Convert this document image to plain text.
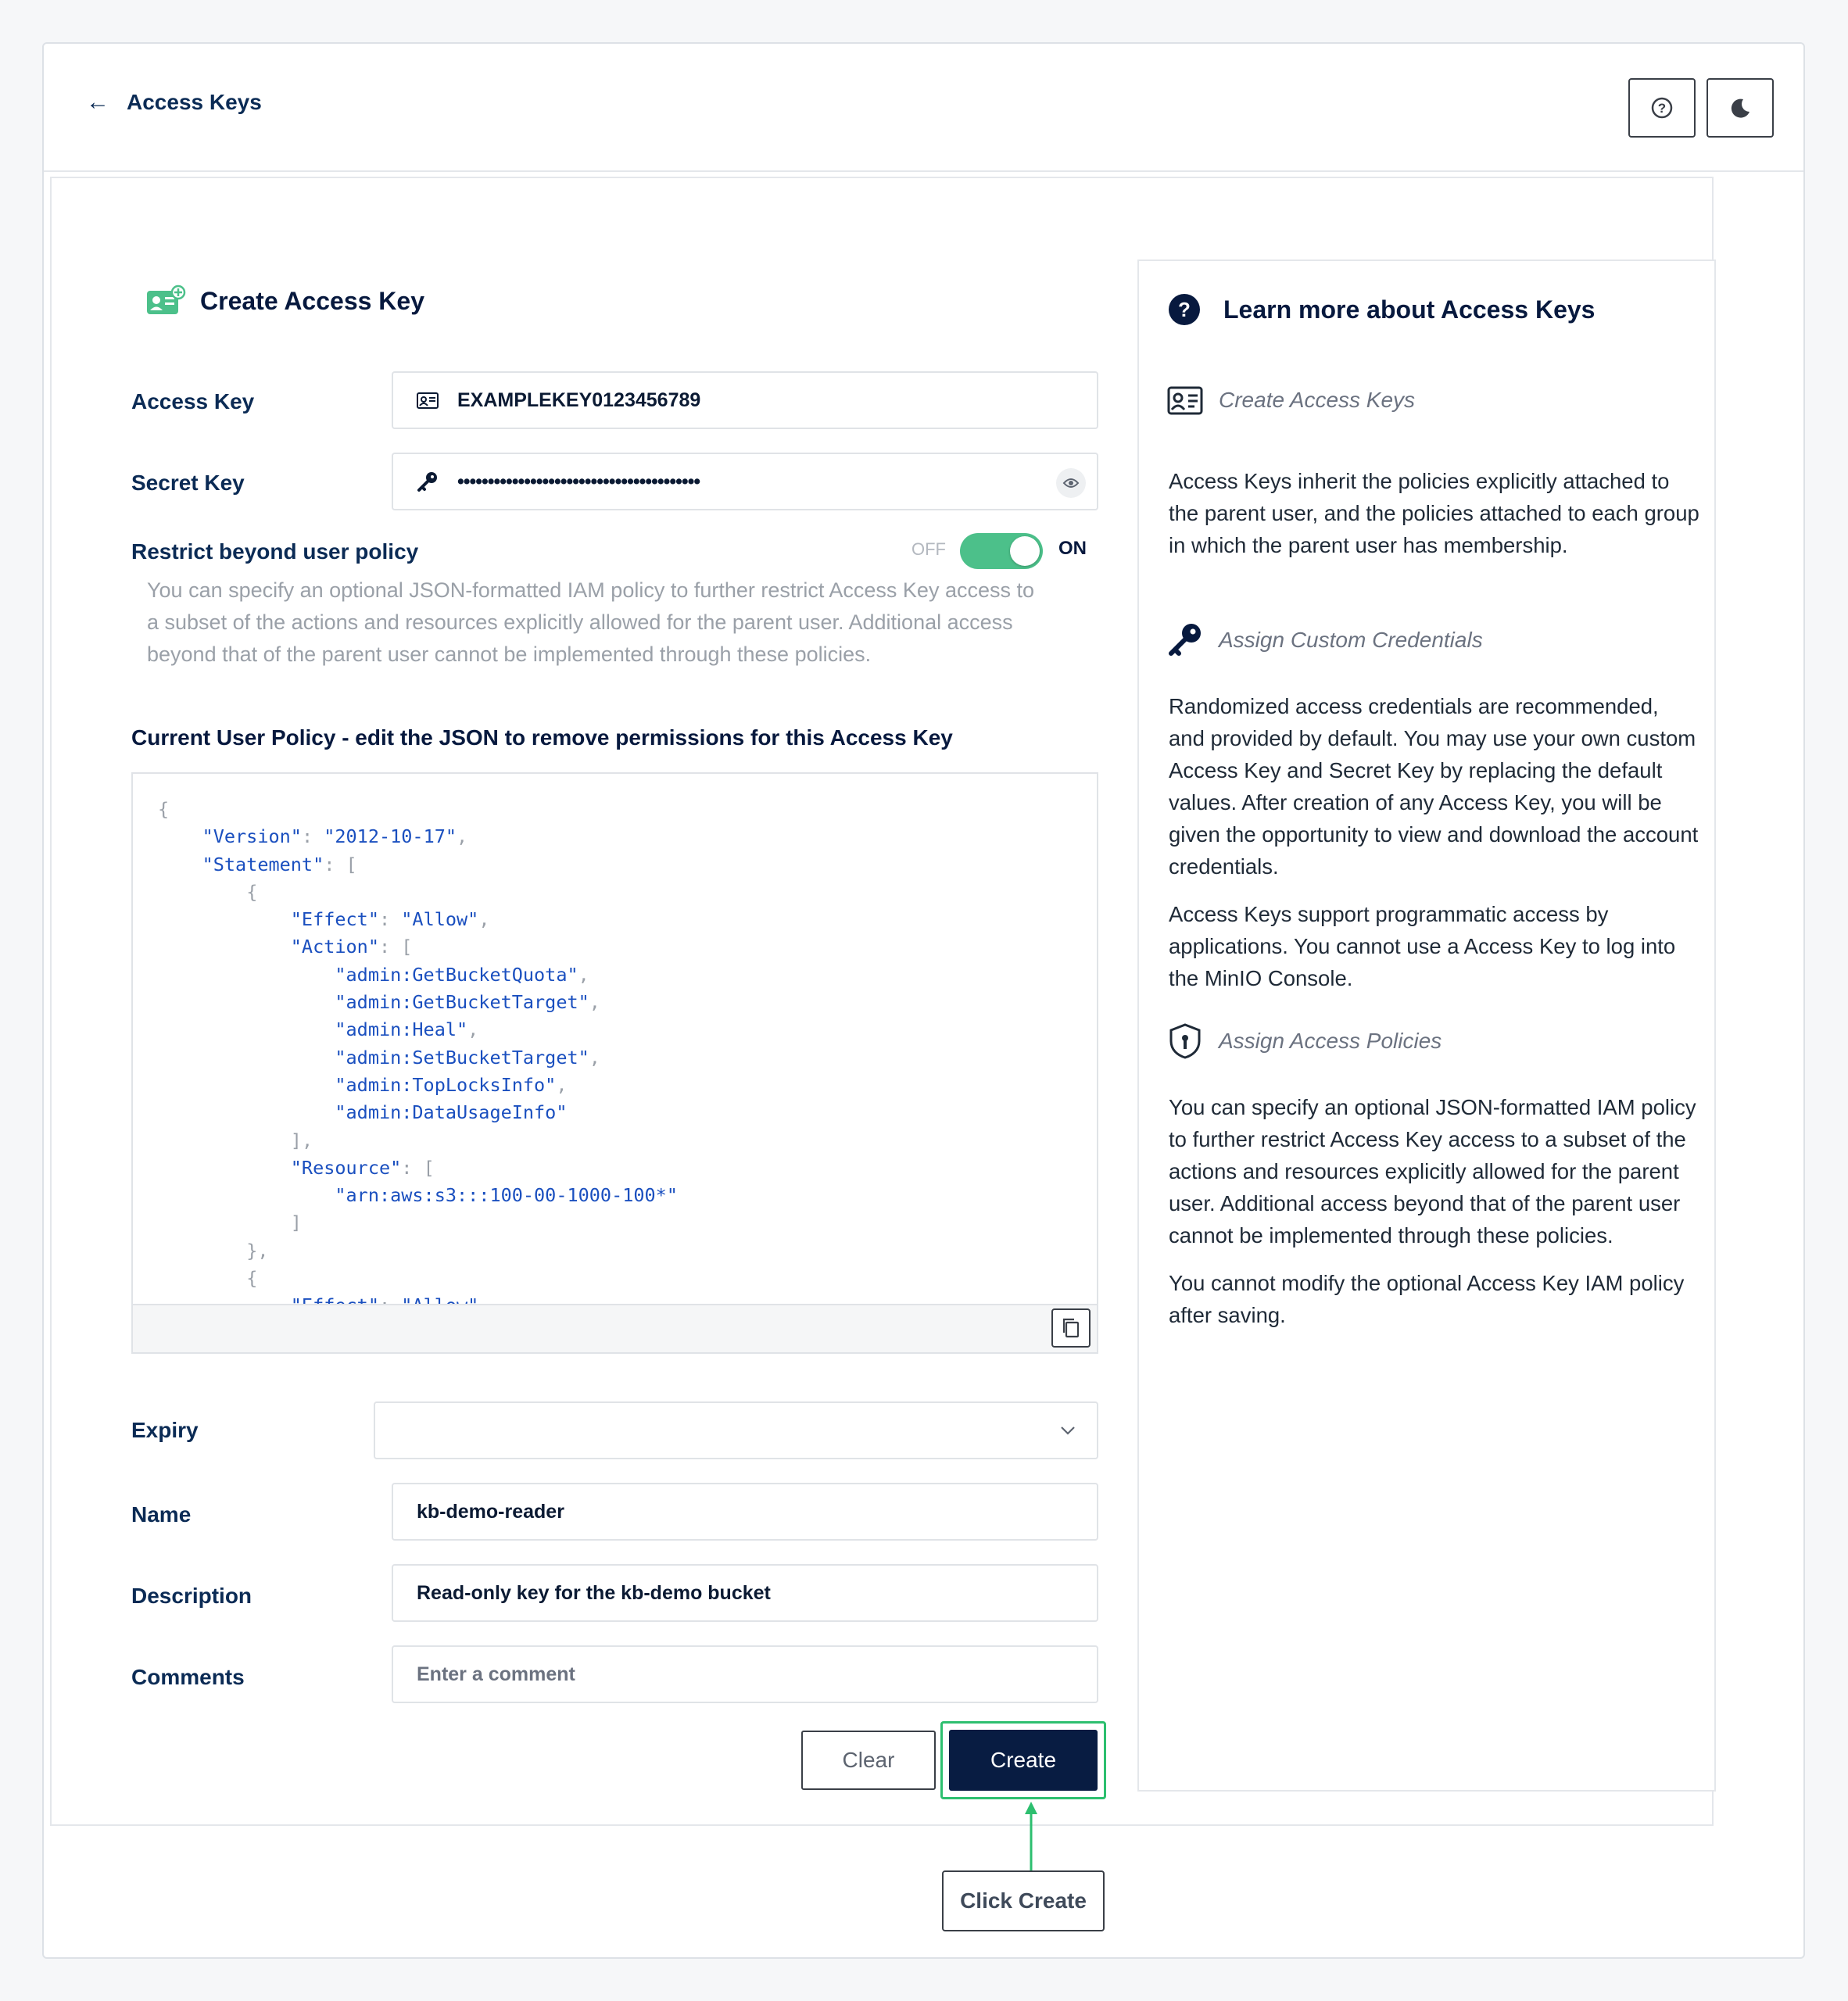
← Access Keys	?
Create Access Key
Access Key	EXAMPLEKEY0123456789
Secret Key	••••••••••••••••••••••••••••••••••••••••
Restrict beyond user policy	OFF	ON
You can specify an optional JSON-formatted IAM policy to further restrict Access Key access to a subset of the actions and resources explicitly allowed for the parent user. Additional access beyond that of the parent user cannot be implemented through these policies.
Current User Policy - edit the JSON to remove permissions for this Access Key
{
"Version": "2012-10-17",
"Statement": [
{
"Effect": "Allow",
"Action": [
"admin:GetBucketQuota",
"admin:GetBucketTarget",
"admin:Heal",
"admin:SetBucketTarget",
"admin:TopLocksInfo",
"admin:DataUsageInfo"
],
"Resource": [
"arn:aws:s3:::100-00-1000-100*"
]
},
{
Expiry
Name	kb-demo-reader
Description	Read-only key for the kb-demo bucket
Comments	Enter a comment
Clear	Create
Click Create
? Learn more about Access Keys
Create Access Keys

Access Keys inherit the policies explicitly attached to the parent user, and the policies attached to each group in which the parent user has membership.

Assign Custom Credentials

Randomized access credentials are recommended, and provided by default. You may use your own custom Access Key and Secret Key by replacing the default values. After creation of any Access Key, you will be given the opportunity to view and download the account credentials.

Access Keys support programmatic access by applications. You cannot use a Access Key to log into the MinIO Console.

Assign Access Policies

You can specify an optional JSON-formatted IAM policy to further restrict Access Key access to a subset of the actions and resources explicitly allowed for the parent user. Additional access beyond that of the parent user cannot be implemented through these policies.

You cannot modify the optional Access Key IAM policy after saving.
